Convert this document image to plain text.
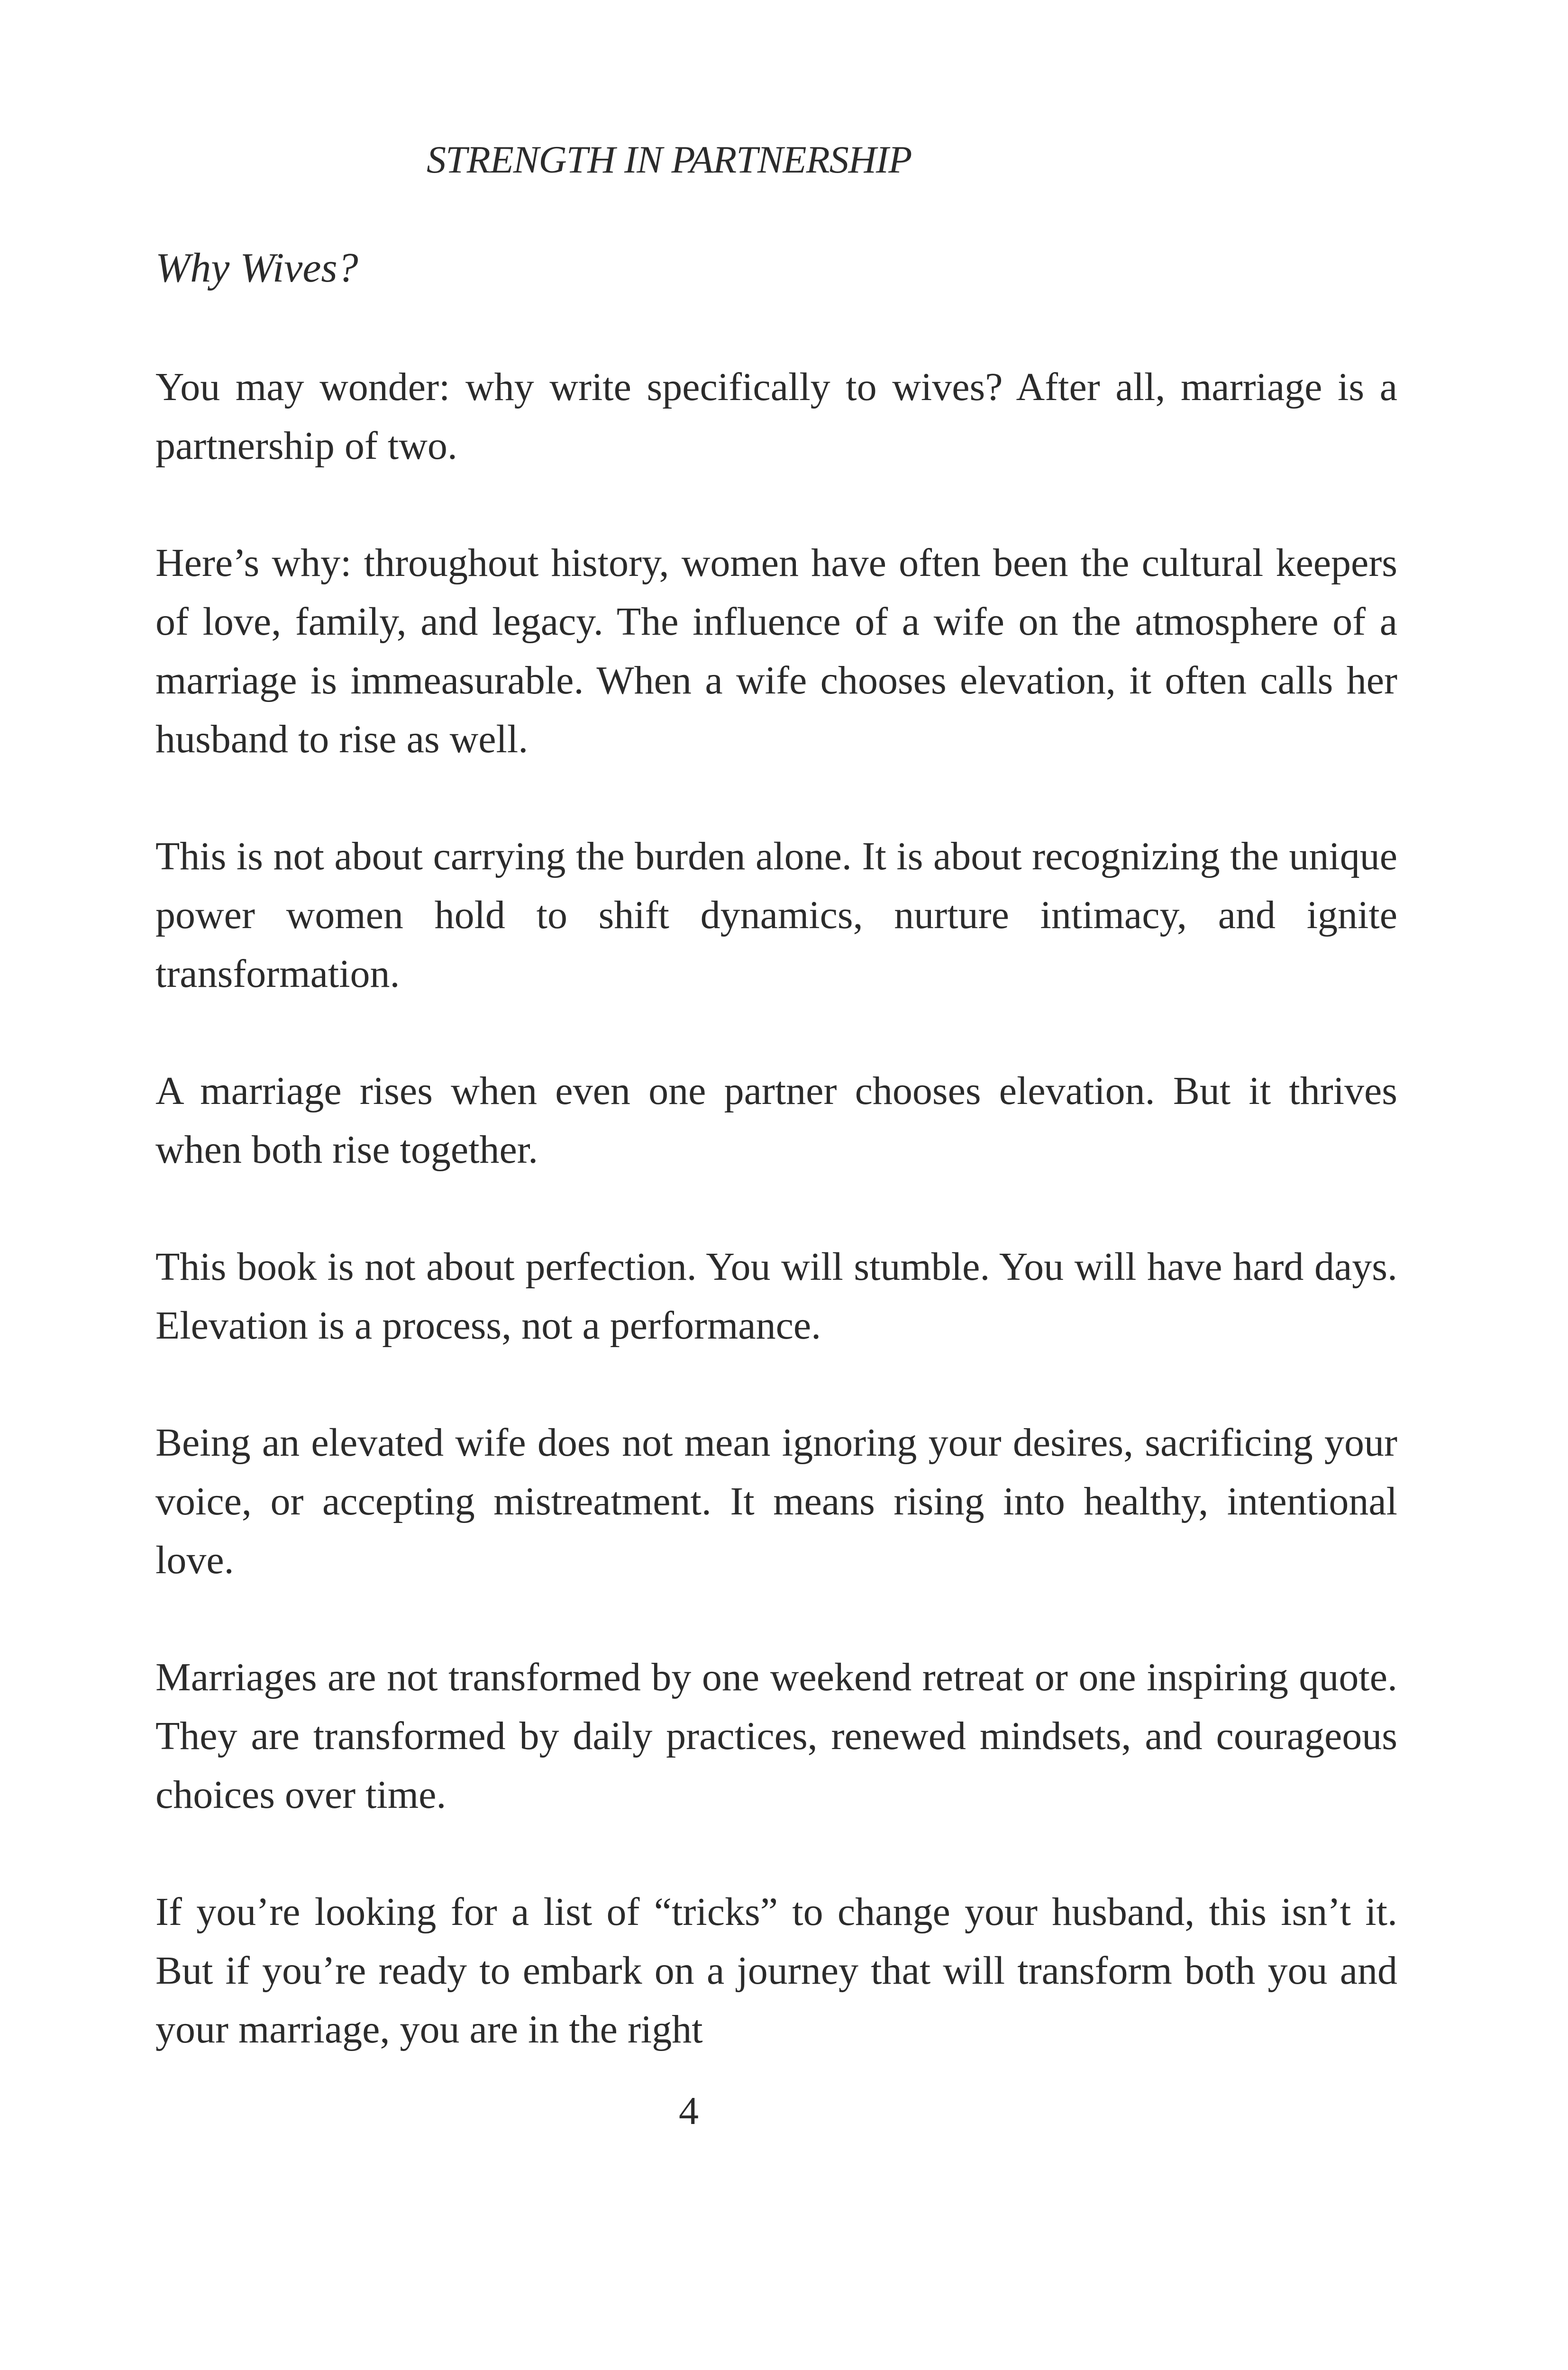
STRENGTH IN PARTNERSHIP
Why Wives?

You may wonder: why write specifically to wives? After all, marriage is a partnership of two.

Here’s why: throughout history, women have often been the cultural keepers of love, family, and legacy. The influence of a wife on the atmosphere of a marriage is immeasurable. When a wife chooses elevation, it often calls her husband to rise as well.

This is not about carrying the burden alone. It is about recognizing the unique power women hold to shift dynamics, nurture intimacy, and ignite transformation.

A marriage rises when even one partner chooses elevation. But it thrives when both rise together.

This book is not about perfection. You will stumble. You will have hard days. Elevation is a process, not a performance.

Being an elevated wife does not mean ignoring your desires, sacrificing your voice, or accepting mistreatment. It means rising into healthy, intentional love.

Marriages are not transformed by one weekend retreat or one inspiring quote. They are transformed by daily practices, renewed mindsets, and courageous choices over time.

If you’re looking for a list of “tricks” to change your husband, this isn’t it. But if you’re ready to embark on a journey that will transform both you and your marriage, you are in the right

4
